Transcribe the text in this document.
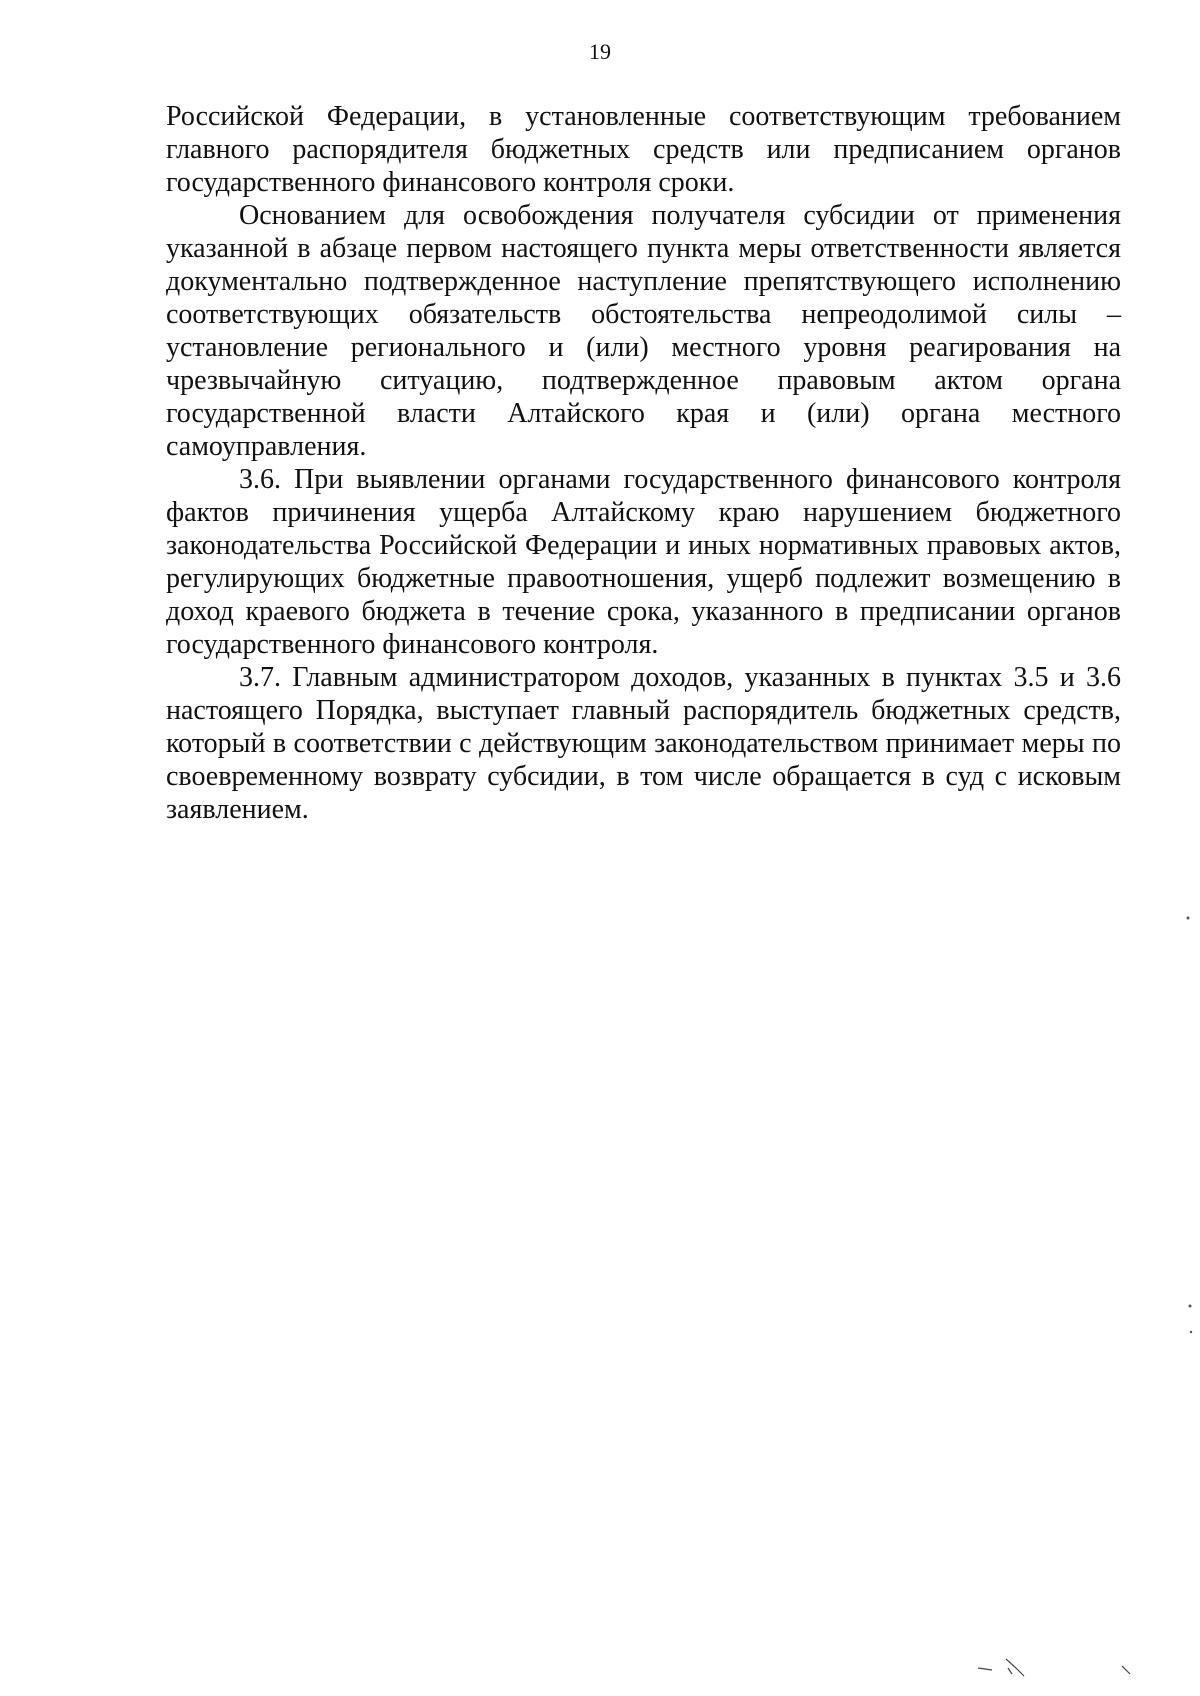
19

Российской Федерации, в установленные соответствующим требованием главного распорядителя бюджетных средств или предписанием органов государственного финансового контроля сроки.

Основанием для освобождения получателя субсидии от применения указанной в абзаце первом настоящего пункта меры ответственности является документально подтвержденное наступление препятствующего исполнению соответствующих обязательств обстоятельства непреодолимой силы – установление регионального и (или) местного уровня реагирования на чрезвычайную ситуацию, подтвержденное правовым актом органа государственной власти Алтайского края и (или) органа местного самоуправления.

3.6. При выявлении органами государственного финансового контроля фактов причинения ущерба Алтайскому краю нарушением бюджетного законодательства Российской Федерации и иных нормативных правовых актов, регулирующих бюджетные правоотношения, ущерб подлежит возмещению в доход краевого бюджета в течение срока, указанного в предписании органов государственного финансового контроля.

3.7. Главным администратором доходов, указанных в пунктах 3.5 и 3.6 настоящего Порядка, выступает главный распорядитель бюджетных средств, который в соответствии с действующим законодательством принимает меры по своевременному возврату субсидии, в том числе обращается в суд с исковым заявлением.
